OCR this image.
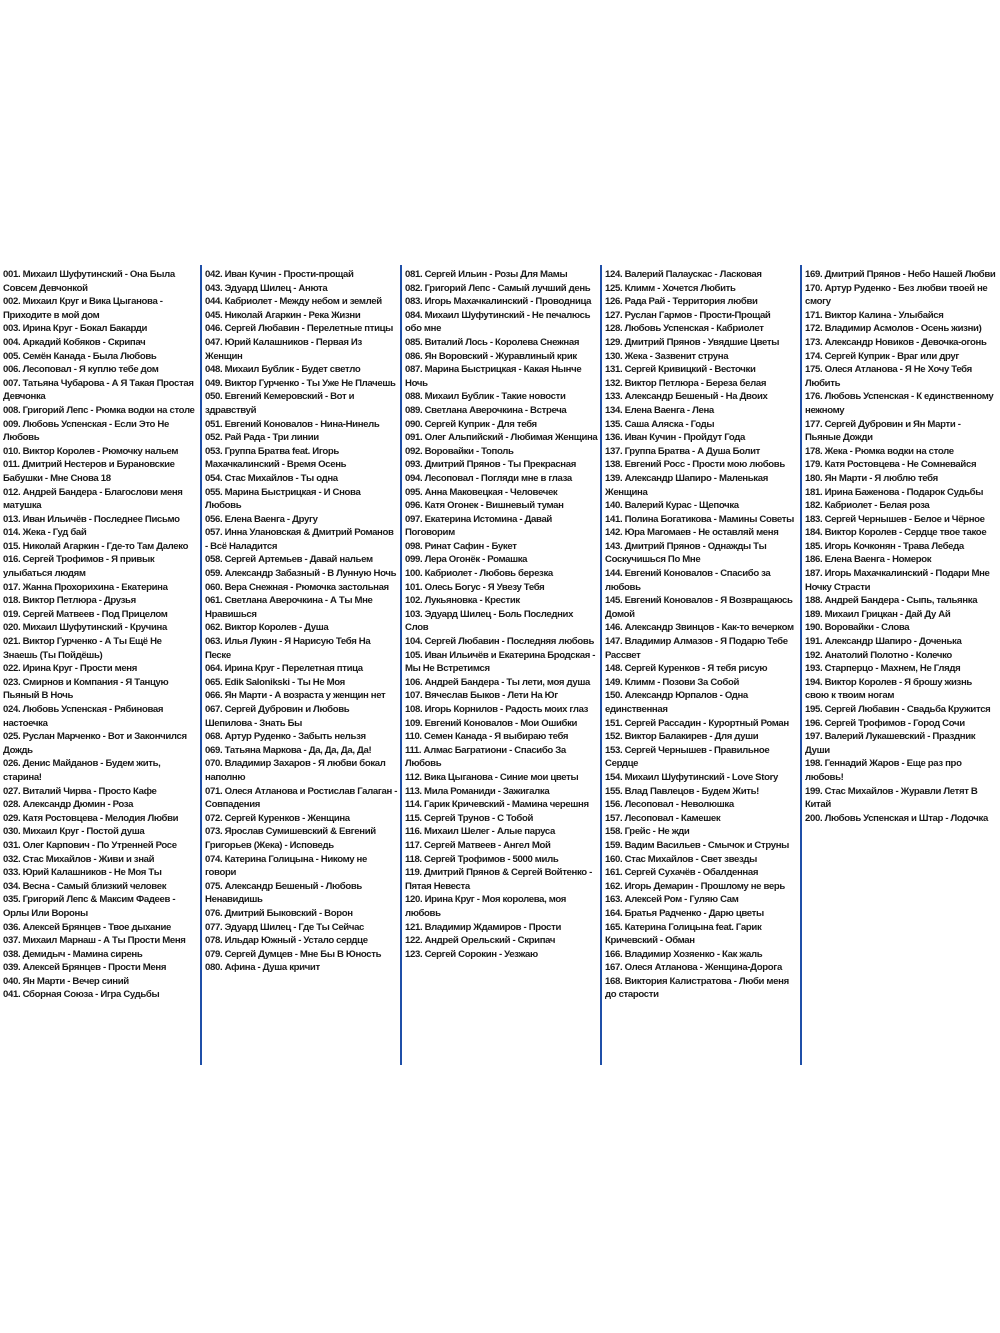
001. Михаил Шуфутинский - Она Была Совсем Девчонкой
002. Михаил Круг и Вика Цыганова - Приходите в мой дом
003. Ирина Круг - Бокал Бакарди
004. Аркадий Кобяков - Скрипач
005. Семён Канада - Была Любовь
006. Лесоповал - Я куплю тебе дом
007. Татьяна Чубарова - А Я Такая Простая Девчонка
008. Григорий Лепс - Рюмка водки на столе
009. Любовь Успенская - Если Это Не Любовь
010. Виктор Королев - Рюмочку нальем
011. Дмитрий Нестеров и Бурановские Бабушки - Мне Снова 18
012. Андрей Бандера - Благослови меня матушка
013. Иван Ильичёв - Последнее Письмо
014. Жека - Гуд бай
015. Николай Агаркин - Где-то Там Далеко
016. Сергей Трофимов - Я привык улыбаться людям
017. Жанна Прохорихина - Екатерина
018. Виктор Петлюра - Друзья
019. Сергей Матвеев - Под Прицелом
020. Михаил Шуфутинский - Кручина
021. Виктор Гурченко - А Ты Ещё Не Знаешь (Ты Пойдёшь)
022. Ирина Круг - Прости меня
023. Смирнов и Компания - Я Танцую Пьяный В Ночь
024. Любовь Успенская - Рябиновая настоечка
025. Руслан Марченко - Вот и Закончился Дождь
026. Денис Майданов - Будем жить, старина!
027. Виталий Чирва - Просто Кафе
028. Александр Дюмин - Роза
029. Катя Ростовцева - Мелодия Любви
030. Михаил Круг - Постой душа
031. Олег Карпович - По Утренней Росе
032. Стас Михайлов - Живи и знай
033. Юрий Калашников - Не Моя Ты
034. Весна - Самый близкий человек
035. Григорий Лепс & Максим Фадеев - Орлы Или Вороны
036. Алексей Брянцев - Твое дыхание
037. Михаил Марнаш - А Ты Прости Меня
038. Демидыч - Мамина сирень
039. Алексей Брянцев - Прости Меня
040. Ян Марти - Вечер синий
041. Сборная Союза - Игра Судьбы
042. Иван Кучин - Прости-прощай
043. Эдуард Шилец - Анюта
044. Кабриолет - Между небом и землей
045. Николай Агаркин - Река Жизни
046. Сергей Любавин - Перелетные птицы
047. Юрий Калашников - Первая Из Женщин
048. Михаил Бублик - Будет светло
049. Виктор Гурченко - Ты Уже Не Плачешь
050. Евгений Кемеровский - Вот и здравствуй
051. Евгений Коновалов - Нина-Нинель
052. Рай Рада - Три линии
053. Группа Братва feat. Игорь Махачкалинский - Время Осень
054. Стас Михайлов - Ты одна
055. Марина Быстрицкая - И Снова Любовь
056. Елена Ваенга - Другу
057. Инна Улановская & Дмитрий Романов - Всё Наладится
058. Сергей Артемьев - Давай нальем
059. Александр Забазный - В Лунную Ночь
060. Вера Снежная - Рюмочка застольная
061. Светлана Аверочкина - А Ты Мне Нравишься
062. Виктор Королев - Душа
063. Илья Лукин - Я Нарисую Тебя На Песке
064. Ирина Круг - Перелетная птица
065. Edik Salonikski - Ты Не Моя
066. Ян Марти - А возраста у женщин нет
067. Сергей Дубровин и Любовь Шепилова - Знать Бы
068. Артур Руденко - Забыть нельзя
069. Татьяна Маркова - Да, Да, Да, Да!
070. Владимир Захаров - Я любви бокал наполню
071. Олеся Атланова и Ростислав Галаган - Совпадения
072. Сергей Куренков - Женщина
073. Ярослав Сумишевский & Евгений Григорьев (Жека) - Исповедь
074. Катерина Голицына - Никому не говори
075. Александр Бешеный - Любовь Ненавидишь
076. Дмитрий Быковский - Ворон
077. Эдуард Шилец - Где Ты Сейчас
078. Ильдар Южный - Устало сердце
079. Сергей Думцев - Мне Бы В Юность
080. Афина - Душа кричит
081. Сергей Ильин - Розы Для Мамы
082. Григорий Лепс - Самый лучший день
083. Игорь Махачкалинский - Проводница
084. Михаил Шуфутинский - Не печалюсь обо мне
085. Виталий Лось - Королева Снежная
086. Ян Воровский - Журавлиный крик
087. Марина Быстрицкая - Какая Нынче Ночь
088. Михаил Бублик - Такие новости
089. Светлана Аверочкина - Встреча
090. Сергей Куприк - Для тебя
091. Олег Альпийский - Любимая Женщина
092. Воровайки - Тополь
093. Дмитрий Прянов - Ты Прекрасная
094. Лесоповал - Погляди мне в глаза
095. Анна Маковецкая - Человечек
096. Катя Огонек - Вишневый туман
097. Екатерина Истомина - Давай Поговорим
098. Ринат Сафин - Букет
099. Лера Огонёк - Ромашка
100. Кабриолет - Любовь березка
101. Олесь Богус - Я Увезу Тебя
102. Лукьяновка - Крестик
103. Эдуард Шилец - Боль Последних Слов
104. Сергей Любавин - Последняя любовь
105. Иван Ильичёв и Екатерина Бродская - Мы Не Встретимся
106. Андрей Бандера - Ты лети, моя душа
107. Вячеслав Быков - Лети На Юг
108. Игорь Корнилов - Радость моих глаз
109. Евгений Коновалов - Мои Ошибки
110. Семен Канада - Я выбираю тебя
111. Алмас Багратиони - Спасибо За Любовь
112. Вика Цыганова - Синие мои цветы
113. Мила Романиди - Зажигалка
114. Гарик Кричевский - Мамина черешня
115. Сергей Трунов - С Тобой
116. Михаил Шелег - Алые паруса
117. Сергей Матвеев - Ангел Мой
118. Сергей Трофимов - 5000 миль
119. Дмитрий Прянов & Сергей Войтенко - Пятая Невеста
120. Ирина Круг - Моя королева, моя любовь
121. Владимир Ждамиров - Прости
122. Андрей Орельский - Скрипач
123. Сергей Сорокин - Уезжаю
124. Валерий Палаускас - Ласковая
125. Климм - Хочется Любить
126. Рада Рай - Территория любви
127. Руслан Гармов - Прости-Прощай
128. Любовь Успенская - Кабриолет
129. Дмитрий Прянов - Увядшие Цветы
130. Жека - Зазвенит струна
131. Сергей Кривицкий - Весточки
132. Виктор Петлюра - Береза белая
133. Александр Бешеный - На Двоих
134. Елена Ваенга - Лена
135. Саша Аляска - Годы
136. Иван Кучин - Пройдут Года
137. Группа Братва - А Душа Болит
138. Евгений Росс - Прости мою любовь
139. Александр Шапиро - Маленькая Женщина
140. Валерий Курас - Щепочка
141. Полина Богатикова - Мамины Советы
142. Юра Магомаев - Не оставляй меня
143. Дмитрий Прянов - Однажды Ты Соскучишься По Мне
144. Евгений Коновалов - Спасибо за любовь
145. Евгений Коновалов - Я Возвращаюсь Домой
146. Александр Звинцов - Как-то вечерком
147. Владимир Алмазов - Я Подарю Тебе Рассвет
148. Сергей Куренков - Я тебя рисую
149. Климм - Позови За Собой
150. Александр Юрпалов - Одна единственная
151. Сергей Рассадин - Курортный Роман
152. Виктор Балакирев - Для души
153. Сергей Чернышев - Правильное Сердце
154. Михаил Шуфутинский - Love Story
155. Влад Павлецов - Будем Жить!
156. Лесоповал - Неволюшка
157. Лесоповал - Камешек
158. Грейс - Не жди
159. Вадим Васильев - Смычок и Струны
160. Стас Михайлов - Свет звезды
161. Сергей Сухачёв - Обалденная
162. Игорь Демарин - Прошлому не верь
163. Алексей Ром - Гуляю Сам
164. Братья Радченко - Дарю цветы
165. Катерина Голицына feat. Гарик Кричевский - Обман
166. Владимир Хозяенко - Как жаль
167. Олеся Атланова - Женщина-Дорога
168. Виктория Калистратова - Люби меня до старости
169. Дмитрий Прянов - Небо Нашей Любви
170. Артур Руденко - Без любви твоей не смогу
171. Виктор Калина - Улыбайся
172. Владимир Асмолов - Осень жизни)
173. Александр Новиков - Девочка-огонь
174. Сергей Куприк - Враг или друг
175. Олеся Атланова - Я Не Хочу Тебя Любить
176. Любовь Успенская - К единственному нежному
177. Сергей Дубровин и Ян Марти - Пьяные Дожди
178. Жека - Рюмка водки на столе
179. Катя Ростовцева - Не Сомневайся
180. Ян Марти - Я люблю тебя
181. Ирина Баженова - Подарок Судьбы
182. Кабриолет - Белая роза
183. Сергей Чернышев - Белое и Чёрное
184. Виктор Королев - Сердце твое такое
185. Игорь Кочконян - Трава Лебеда
186. Елена Ваенга - Номерок
187. Игорь Махачкалинский - Подари Мне Ночку Страсти
188. Андрей Бандера - Сыпь, тальянка
189. Михаил Грицкан - Дай Ду Ай
190. Воровайки - Слова
191. Александр Шапиро - Доченька
192. Анатолий Полотно - Колечко
193. Старперцо - Махнем, Не Глядя
194. Виктор Королев - Я брошу жизнь свою к твоим ногам
195. Сергей Любавин - Свадьба Кружится
196. Сергей Трофимов - Город Сочи
197. Валерий Лукашевский - Праздник Души
198. Геннадий Жаров - Еще раз про любовь!
199. Стас Михайлов - Журавли Летят В Китай
200. Любовь Успенская и Штар - Лодочка
